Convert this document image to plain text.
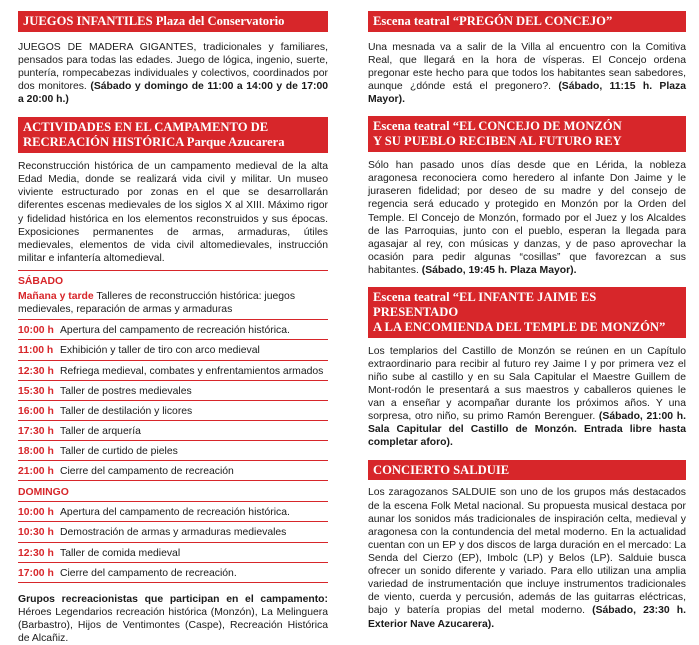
JUEGOS INFANTILES Plaza del Conservatorio

JUEGOS DE MADERA GIGANTES, tradicionales y familiares, pensados para todas las edades. Juego de lógica, ingenio, suerte, puntería, rompecabezas individuales y colectivos, coordinados por dos monitores. (Sábado y domingo de 11:00 a 14:00 y de 17:00 a 20:00 h.)

ACTIVIDADES EN EL CAMPAMENTO DE
RECREACIÓN HISTÓRICA Parque Azucarera

Reconstrucción histórica de un campamento medieval de la alta Edad Media, donde se realizará vida civil y militar. Un museo viviente estructurado por zonas en el que se desarrollarán diferentes escenas medievales de los siglos X al XIII. Máximo rigor y fidelidad histórica en los elementos reconstruidos y sus épocas. Exposiciones permanentes de armas, armaduras, útiles medievales, elementos de vida civil altomedievales, instrucción militar e infantería altomedieval.

SÁBADO

Mañana y tarde Talleres de reconstrucción histórica: juegos medievales, reparación de armas y armaduras

10:00 h Apertura del campamento de recreación histórica.
11:00 h Exhibición y taller de tiro con arco medieval
12:30 h Refriega medieval, combates y enfrentamientos armados
15:30 h Taller de postres medievales
16:00 h Taller de destilación y licores
17:30 h Taller de arquería
18:00 h Taller de curtido de pieles
21:00 h Cierre del campamento de recreación
DOMINGO
10:00 h Apertura del campamento de recreación histórica.
10:30 h Demostración de armas y armaduras medievales
12:30 h Taller de comida medieval
17:00 h Cierre del campamento de recreación.

Grupos recreacionistas que participan en el campamento: Héroes Legendarios recreación histórica (Monzón), La Melinguera (Barbastro), Hijos de Ventimontes (Caspe), Recreación Histórica de Alcañiz.

Escena teatral “PREGÓN DEL CONCEJO”

Una mesnada va a salir de la Villa al encuentro con la Comitiva Real, que llegará en la hora de vísperas. El Concejo ordena pregonar este hecho para que todos los habitantes sean sabedores, aunque ¿dónde está el pregonero?. (Sábado, 11:15 h. Plaza Mayor).

Escena teatral “EL CONCEJO DE MONZÓN
Y SU PUEBLO RECIBEN AL FUTURO REY

Sólo han pasado unos días desde que en Lérida, la nobleza aragonesa reconociera como heredero al infante Don Jaime y le juraseren fidelidad; por deseo de su madre y del consejo de regencia será educado y protegido en Monzón por la Orden del Temple. El Concejo de Monzón, formado por el Juez y los Alcaldes de las Parroquias, junto con el pueblo, esperan la llegada para agasajar al rey, con músicas y danzas, y de paso aprovechar la ocasión para pedir algunas “cosillas” que favorezcan a sus habitantes. (Sábado, 19:45 h. Plaza Mayor).

Escena teatral “EL INFANTE JAIME ES PRESENTADO
A LA ENCOMIENDA DEL TEMPLE DE MONZÓN”

Los templarios del Castillo de Monzón se reúnen en un Capítulo extraordinario para recibir al futuro rey Jaime I y por primera vez el niño sube al castillo y en su Sala Capitular el Maestre Guillem de Mont-rodón le presentará a sus maestros y caballeros quienes le van a enseñar y acompañar durante los próximos años. Y una sorpresa, otro niño, su primo Ramón Berenguer. (Sábado, 21:00 h. Sala Capitular del Castillo de Monzón. Entrada libre hasta completar aforo).

CONCIERTO SALDUIE

Los zaragozanos SALDUIE son uno de los grupos más destacados de la escena Folk Metal nacional. Su propuesta musical destaca por aunar los sonidos más tradicionales de inspiración celta, medieval y aragonesa con la contundencia del metal moderno. En la actualidad cuentan con un EP y dos discos de larga duración en el mercado: La Senda del Cierzo (EP), Imbolc (LP) y Belos (LP). Salduie busca ofrecer un sonido diferente y variado. Para ello utilizan una amplia variedad de instrumentación que incluye instrumentos tradicionales de viento, cuerda y percusión, además de las guitarras eléctricas, bajo y batería propias del metal moderno. (Sábado, 23:30 h. Exterior Nave Azucarera).
